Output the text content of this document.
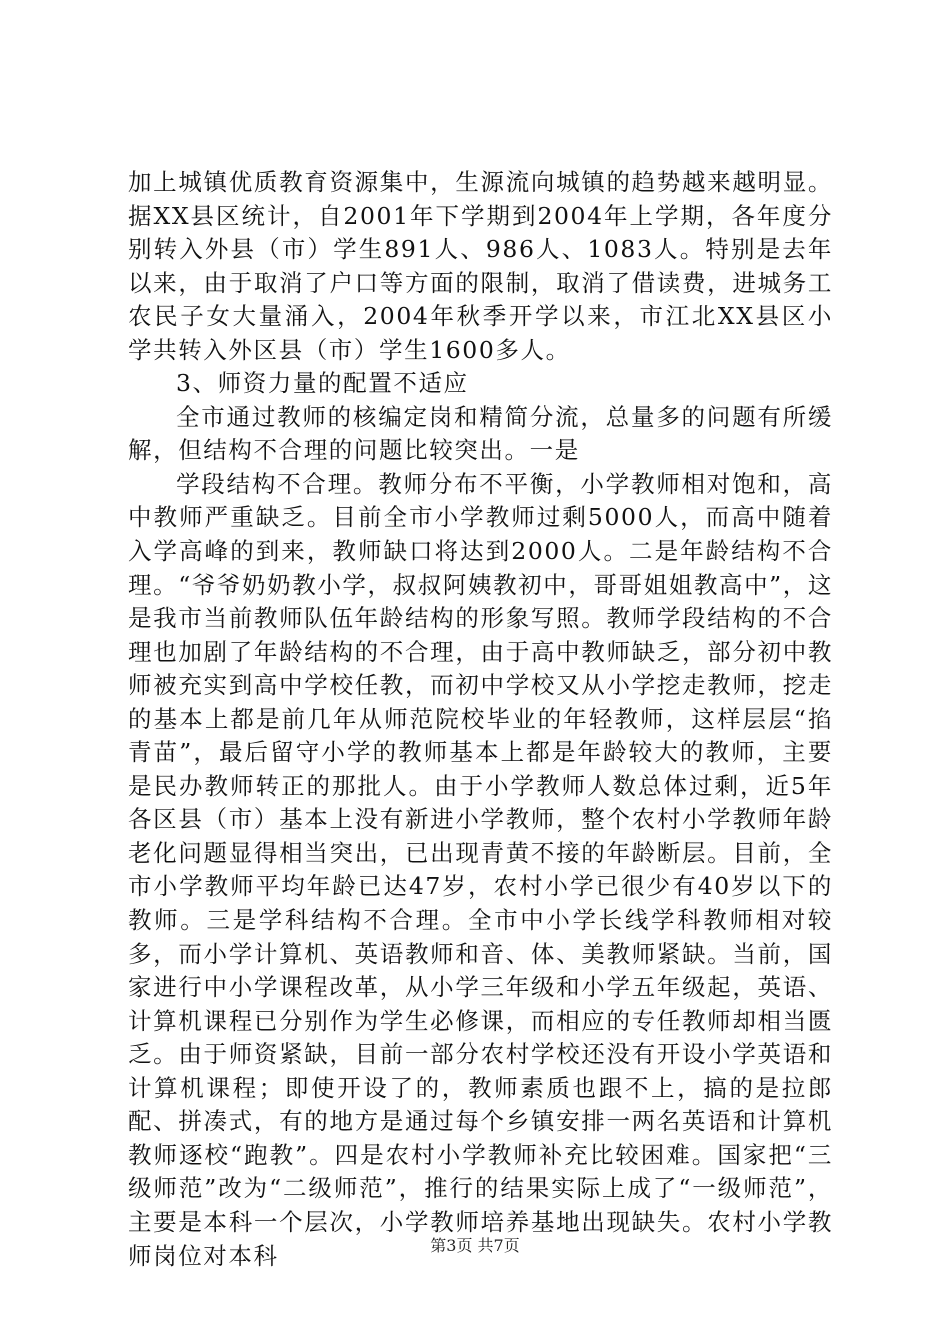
加上城镇优质教育资源集中，生源流向城镇的趋势越来越明显。据XX县区统计，自2001年下学期到2004年上学期，各年度分别转入外县（市）学生891人、986人、1083人。特别是去年以来，由于取消了户口等方面的限制，取消了借读费，进城务工农民子女大量涌入，2004年秋季开学以来，市江北XX县区小学共转入外区县（市）学生1600多人。

3、师资力量的配置不适应

全市通过教师的核编定岗和精简分流，总量多的问题有所缓解，但结构不合理的问题比较突出。一是

学段结构不合理。教师分布不平衡，小学教师相对饱和，高中教师严重缺乏。目前全市小学教师过剩5000人，而高中随着入学高峰的到来，教师缺口将达到2000人。二是年龄结构不合理。“爷爷奶奶教小学，叔叔阿姨教初中，哥哥姐姐教高中”，这是我市当前教师队伍年龄结构的形象写照。教师学段结构的不合理也加剧了年龄结构的不合理，由于高中教师缺乏，部分初中教师被充实到高中学校任教，而初中学校又从小学挖走教师，挖走的基本上都是前几年从师范院校毕业的年轻教师，这样层层“掐青苗”，最后留守小学的教师基本上都是年龄较大的教师，主要是民办教师转正的那批人。由于小学教师人数总体过剩，近5年各区县（市）基本上没有新进小学教师，整个农村小学教师年龄老化问题显得相当突出，已出现青黄不接的年龄断层。目前，全市小学教师平均年龄已达47岁，农村小学已很少有40岁以下的教师。三是学科结构不合理。全市中小学长线学科教师相对较多，而小学计算机、英语教师和音、体、美教师紧缺。当前，国家进行中小学课程改革，从小学三年级和小学五年级起，英语、计算机课程已分别作为学生必修课，而相应的专任教师却相当匮乏。由于师资紧缺，目前一部分农村学校还没有开设小学英语和计算机课程；即使开设了的，教师素质也跟不上，搞的是拉郎配、拼凑式，有的地方是通过每个乡镇安排一两名英语和计算机教师逐校“跑教”。四是农村小学教师补充比较困难。国家把“三级师范”改为“二级师范”，推行的结果实际上成了“一级师范”，主要是本科一个层次，小学教师培养基地出现缺失。农村小学教师岗位对本科	第3页 共7页
